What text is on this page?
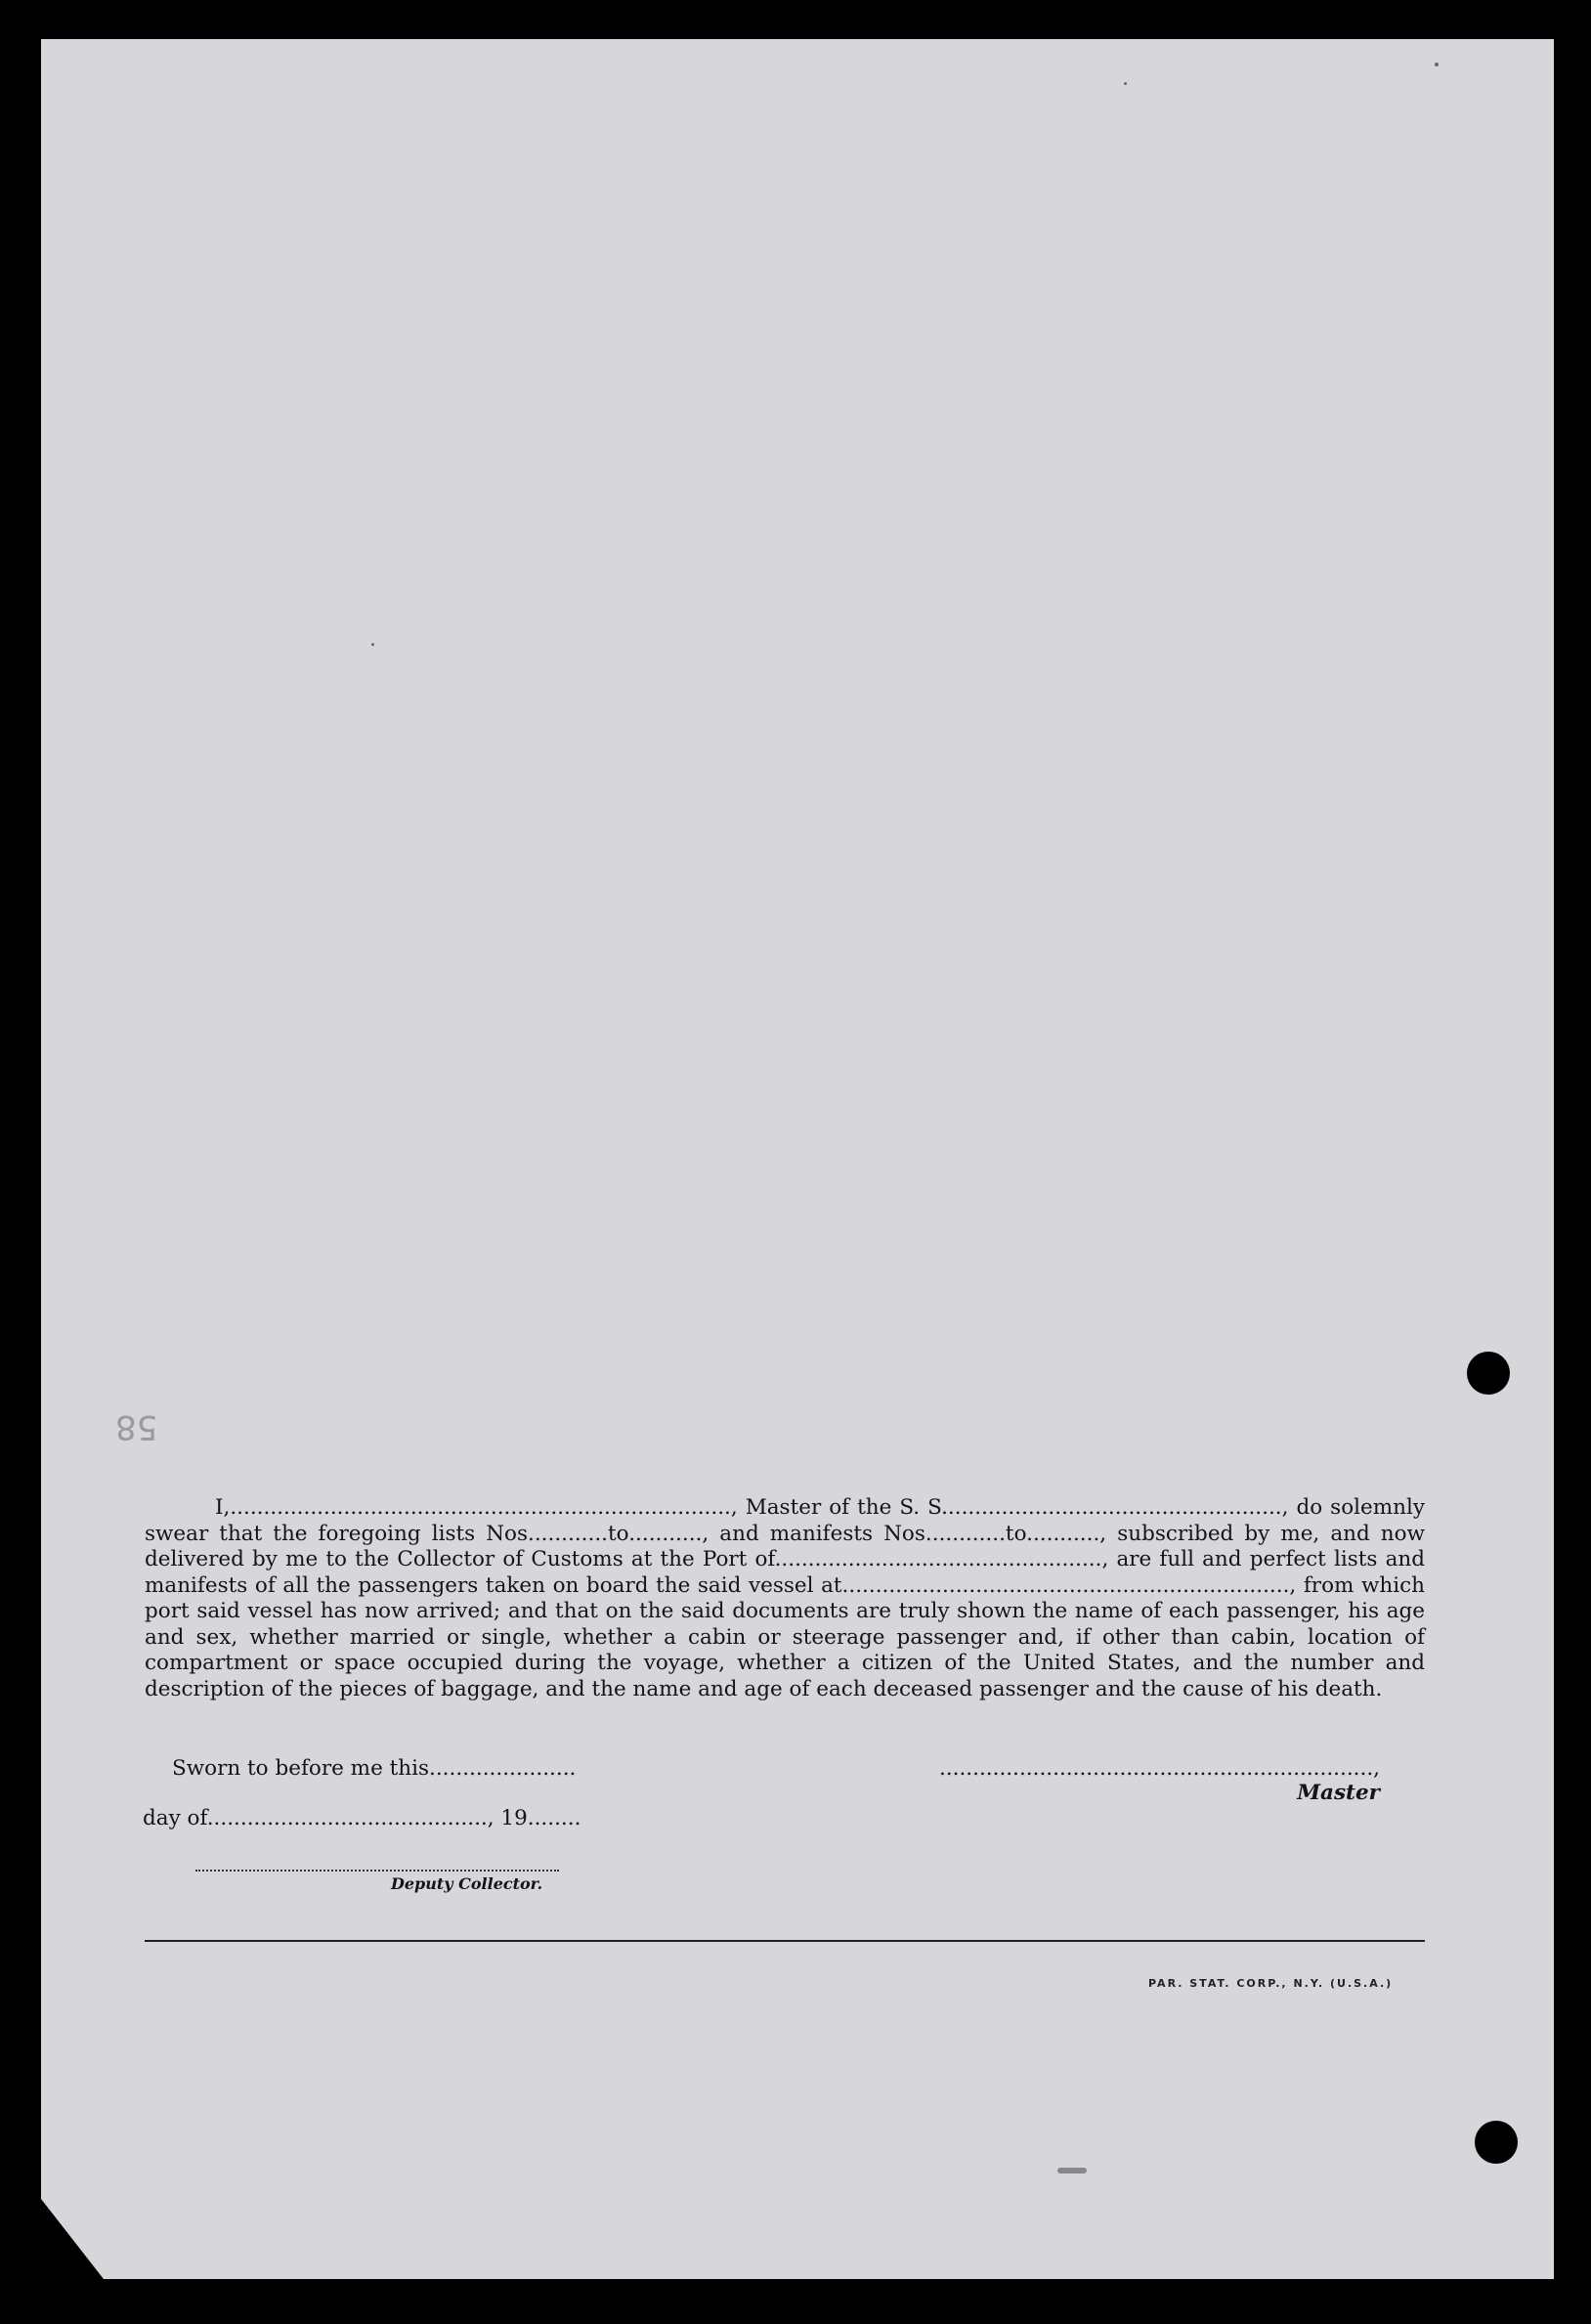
58

I,..........................................................................., Master of the S. S..................................................., do solemnly swear that the foregoing lists Nos............to..........., and manifests Nos............to..........., subscribed by me, and now delivered by me to the Collector of Customs at the Port of................................................., are full and perfect lists and manifests of all the passengers taken on board the said vessel at..................................................................., from which port said vessel has now arrived; and that on the said documents are truly shown the name of each passenger, his age and sex, whether married or single, whether a cabin or steerage passenger and, if other than cabin, location of compartment or space occupied during the voyage, whether a citizen of the United States, and the number and description of the pieces of baggage, and the name and age of each deceased passenger and the cause of his death.

Sworn to before me this......................
day of.........................................., 19........
................................................................., Master
Deputy Collector.
PAR. STAT. CORP., N.Y. (U.S.A.)
